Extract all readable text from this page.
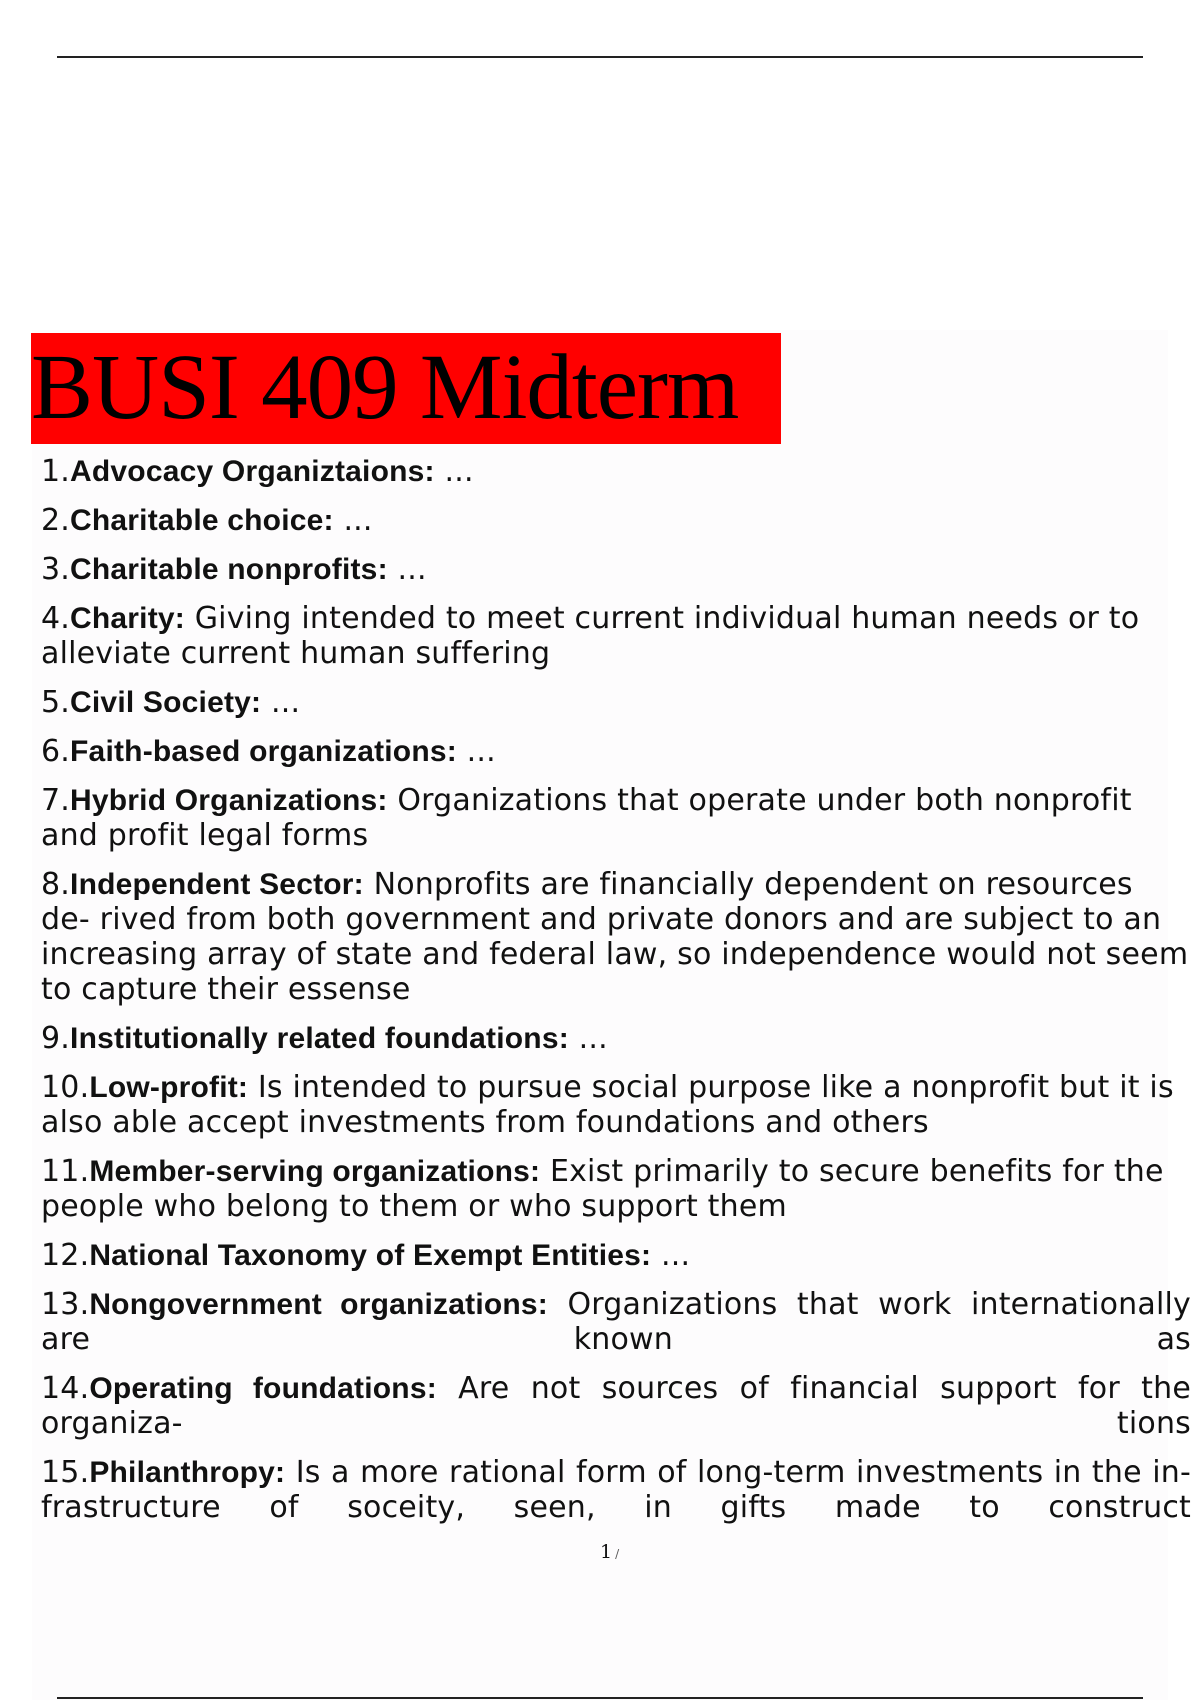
BUSI 409 Midterm
1.Advocacy Organiztaions: ...
2.Charitable choice: ...
3.Charitable nonprofits: ...
4.Charity: Giving intended to meet current individual human needs or to alleviate current human suffering
5.Civil Society: ...
6.Faith-based organizations: ...
7.Hybrid Organizations: Organizations that operate under both nonprofit and profit legal forms
8.Independent Sector: Nonprofits are financially dependent on resources de- rived from both government and private donors and are subject to an increasing array of state and federal law, so independence would not seem to capture their essense
9.Institutionally related foundations: ...
10.Low-profit: Is intended to pursue social purpose like a nonprofit but it is also able accept investments from foundations and others
11.Member-serving organizations: Exist primarily to secure benefits for the people who belong to them or who support them
12.National Taxonomy of Exempt Entities: ...
13.Nongovernment organizations: Organizations that work internationally are known as
14.Operating foundations: Are not sources of financial support for the organiza- tions
15.Philanthropy: Is a more rational form of long-term investments in the in- frastructure of soceity, seen, in gifts made to construct
1 /
